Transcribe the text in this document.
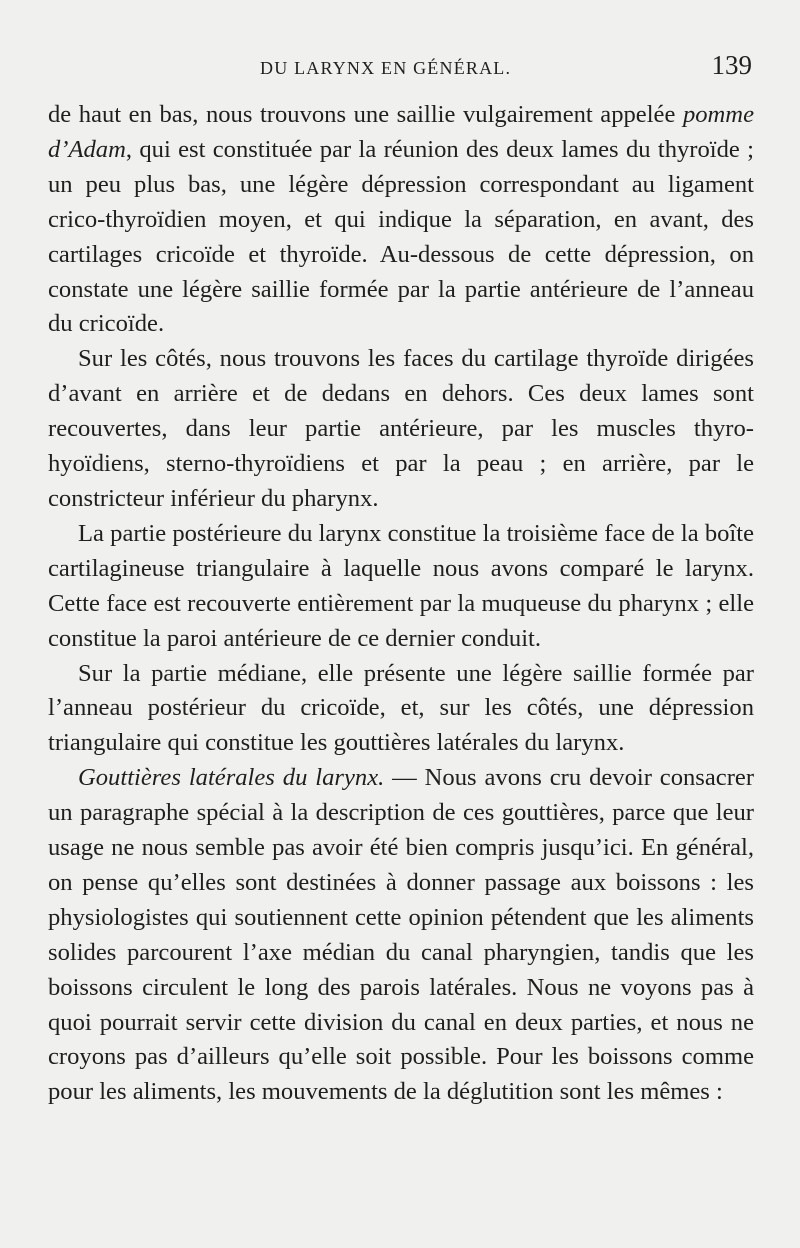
DU LARYNX EN GÉNÉRAL.	139

de haut en bas, nous trouvons une saillie vulgairement appelée pomme d’Adam, qui est constituée par la réunion des deux lames du thyroïde ; un peu plus bas, une légère dépression correspondant au ligament crico-thyroïdien moyen, et qui indique la séparation, en avant, des cartilages cricoïde et thyroïde. Au-dessous de cette dépression, on constate une légère saillie formée par la partie antérieure de l’anneau du cricoïde.

Sur les côtés, nous trouvons les faces du cartilage thyroïde dirigées d’avant en arrière et de dedans en dehors. Ces deux lames sont recouvertes, dans leur partie antérieure, par les muscles thyro-hyoïdiens, sterno-thyroïdiens et par la peau ; en arrière, par le constricteur inférieur du pharynx.

La partie postérieure du larynx constitue la troisième face de la boîte cartilagineuse triangulaire à laquelle nous avons comparé le larynx. Cette face est recouverte entièrement par la muqueuse du pharynx ; elle constitue la paroi antérieure de ce dernier conduit.

Sur la partie médiane, elle présente une légère saillie formée par l’anneau postérieur du cricoïde, et, sur les côtés, une dépression triangulaire qui constitue les gouttières latérales du larynx.

Gouttières latérales du larynx. — Nous avons cru devoir consacrer un paragraphe spécial à la description de ces gouttières, parce que leur usage ne nous semble pas avoir été bien compris jusqu’ici. En général, on pense qu’elles sont destinées à donner passage aux boissons : les physiologistes qui soutiennent cette opinion pétendent que les aliments solides parcourent l’axe médian du canal pharyngien, tandis que les boissons circulent le long des parois latérales. Nous ne voyons pas à quoi pourrait servir cette division du canal en deux parties, et nous ne croyons pas d’ailleurs qu’elle soit possible. Pour les boissons comme pour les aliments, les mouvements de la déglutition sont les mêmes :
